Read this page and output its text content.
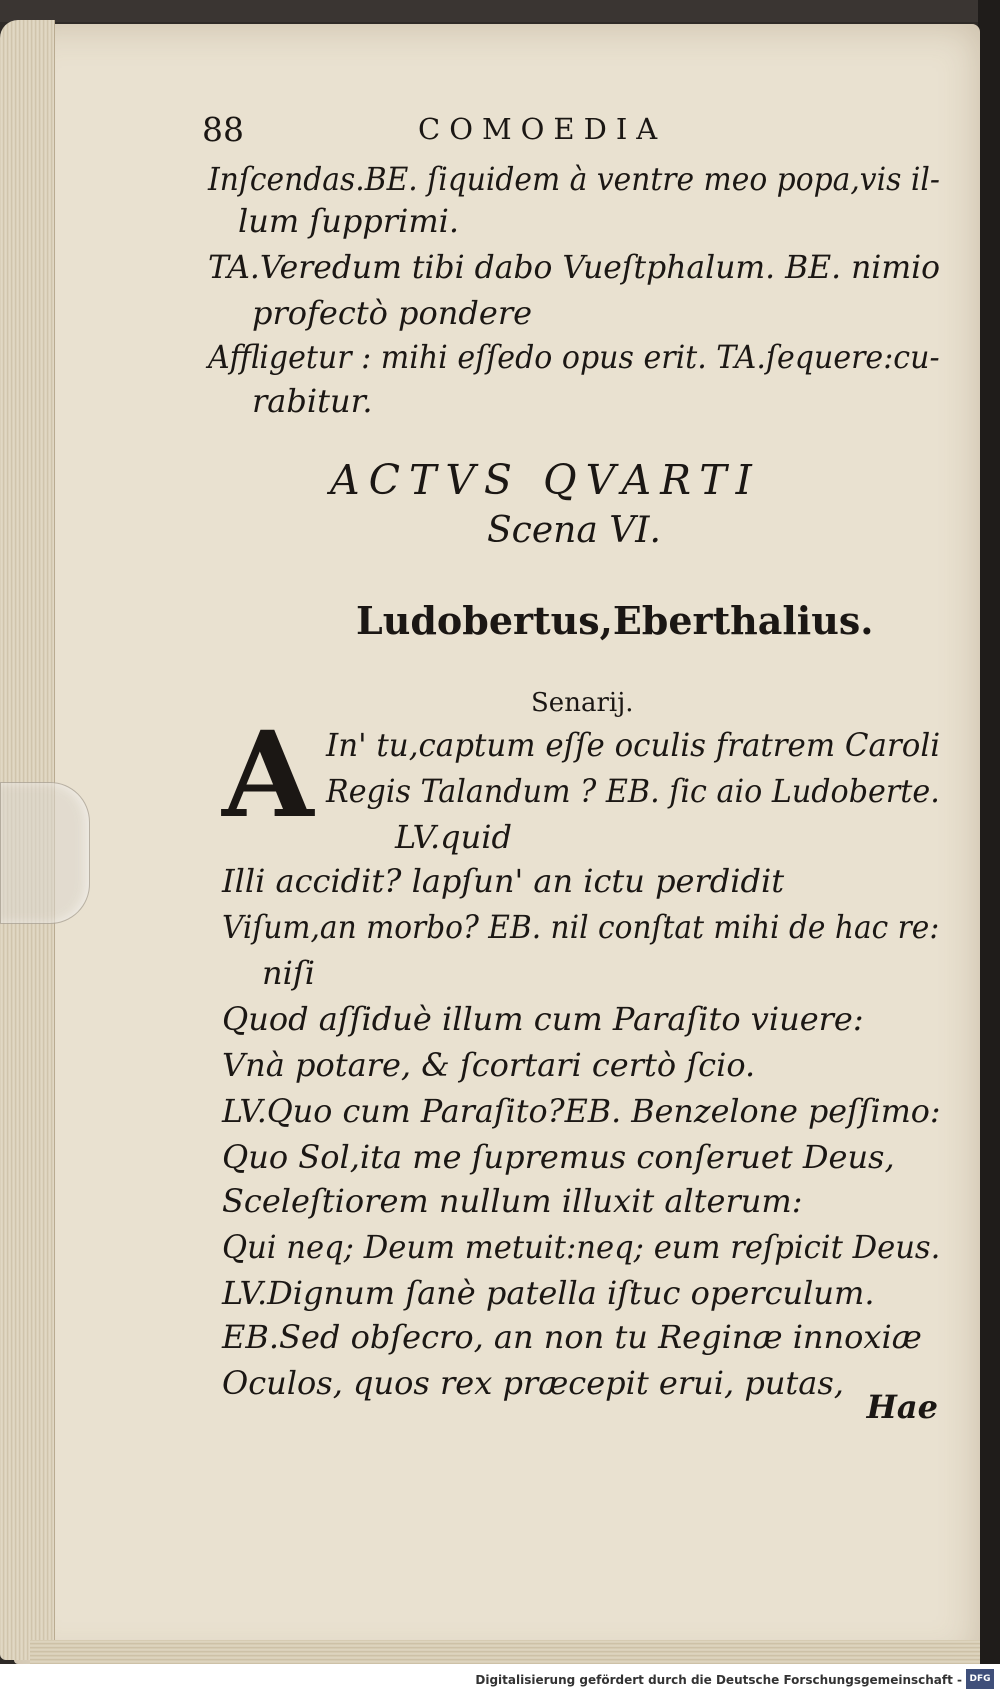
88	COMOEDIA
Inſcendas.BE. ſiquidem à ventre meo popa,vis il-
lum ſupprimi.
TA.Veredum tibi dabo Vueſtphalum. BE. nimio
profectò pondere
Affligetur : mihi eſſedo opus erit. TA.ſequere:cu-
rabitur.
ACTVS QVARTI
Scena VI.
Ludobertus,Eberthalius.
Senarij.
A In' tu,captum eſſe oculis fratrem Caroli
Regis Talandum ? EB. ſic aio Ludoberte.
LV.quid
Illi accidit? lapſun' an ictu perdidit
Viſum,an morbo? EB. nil conſtat mihi de hac re:
niſi
Quod aſſiduè illum cum Paraſito viuere:
Vnà potare, & ſcortari certò ſcio.
LV.Quo cum Paraſito?EB. Benzelone peſſimo:
Quo Sol,ita me ſupremus conſeruet Deus,
Sceleſtiorem nullum illuxit alterum:
Qui neq; Deum metuit:neq; eum reſpicit Deus.
LV.Dignum ſanè patella iſtuc operculum.
EB.Sed obſecro, an non tu Reginæ innoxiæ
Oculos, quos rex præcepit erui, putas,
Hae
Digitalisierung gefördert durch die Deutsche Forschungsgemeinschaft - DFG
